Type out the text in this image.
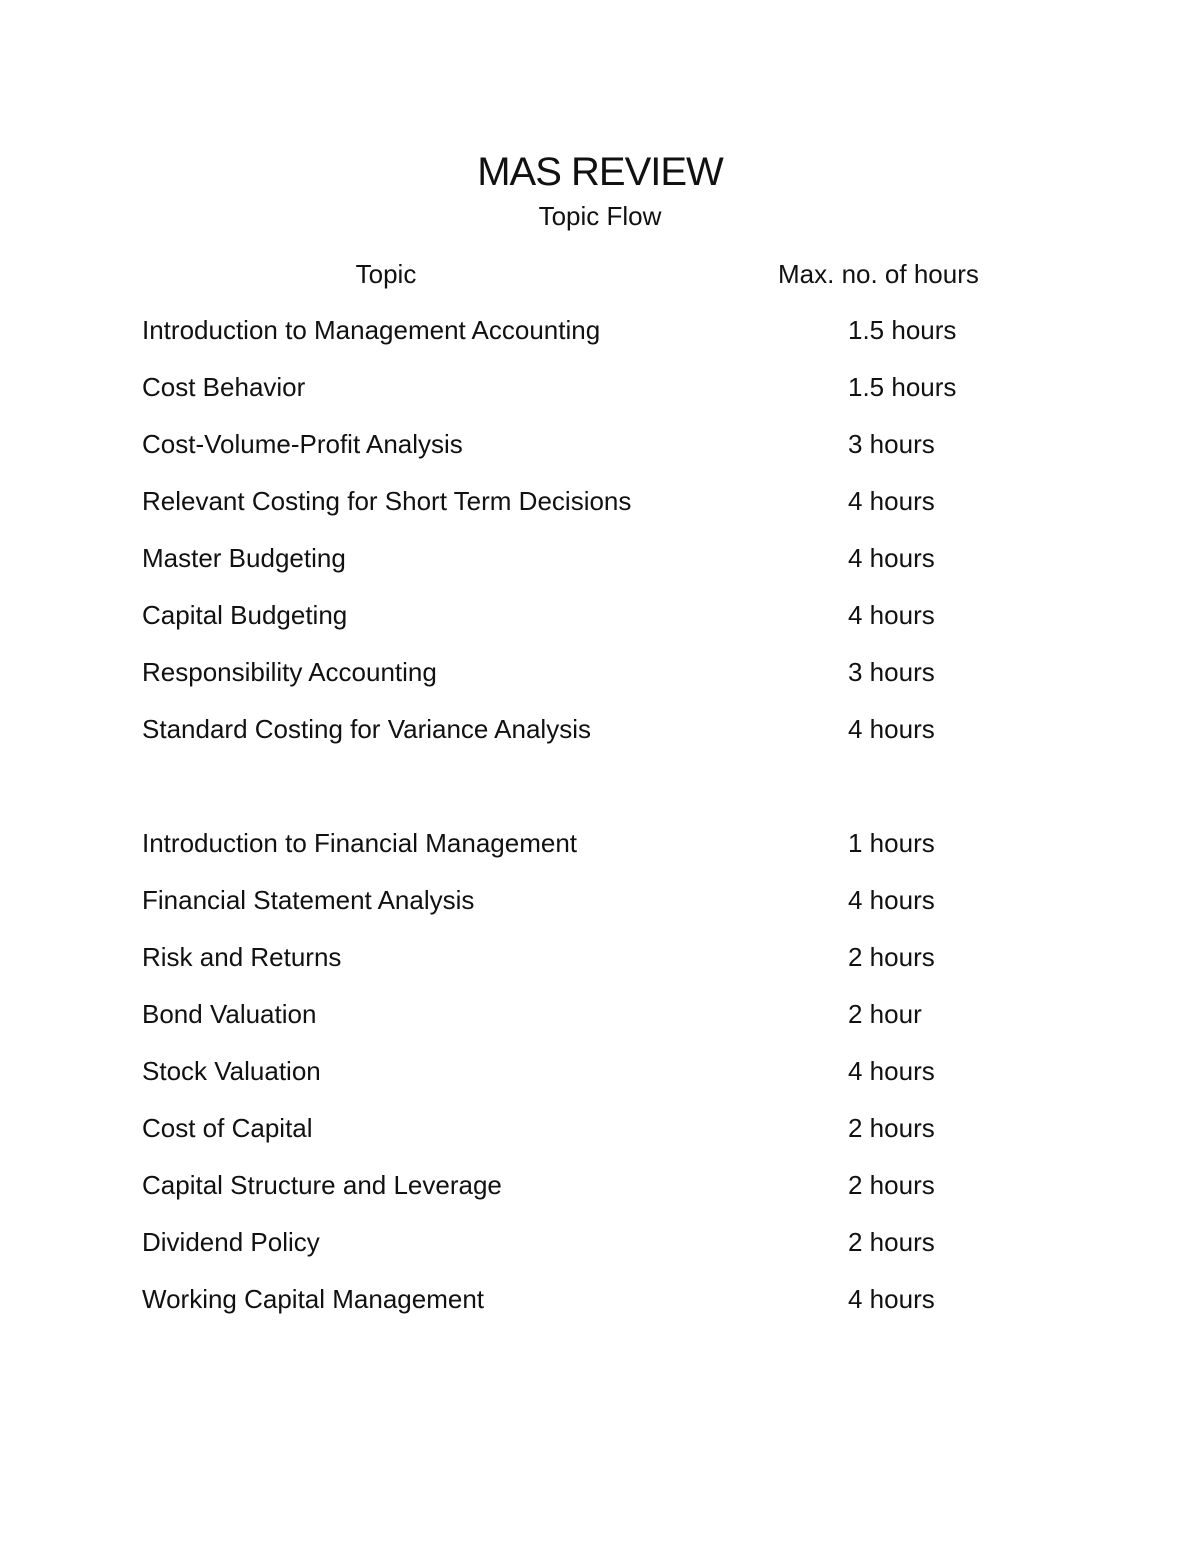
MAS REVIEW
Topic Flow
Topic	Max. no. of hours
Introduction to Management Accounting	1.5 hours
Cost Behavior	1.5 hours
Cost-Volume-Profit Analysis	3 hours
Relevant Costing for Short Term Decisions	4 hours
Master Budgeting	4 hours
Capital Budgeting	4 hours
Responsibility Accounting	3 hours
Standard Costing for Variance Analysis	4 hours
Introduction to Financial Management	1 hours
Financial Statement Analysis	4 hours
Risk and Returns	2 hours
Bond Valuation	2 hour
Stock Valuation	4 hours
Cost of Capital	2 hours
Capital Structure and Leverage	2 hours
Dividend Policy	2 hours
Working Capital Management	4 hours
